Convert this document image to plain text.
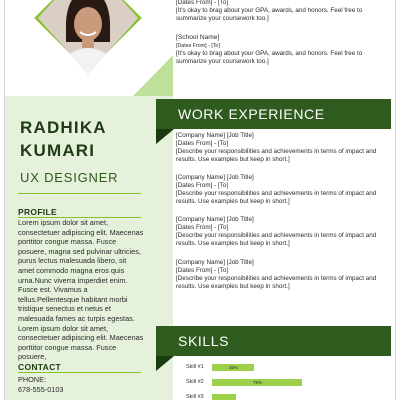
RADHIKA
KUMARI
UX DESIGNER
PROFILE
Lorem ipsum dolor sit amet, consectetuer adipiscing elit. Maecenas porttitor congue massa. Fusce posuere, magna sed pulvinar ultricies, purus lectus malesuada libero, sit amet commodo magna eros quis urna.Nunc viverra imperdiet enim. Fusce est. Vivamus a tellus.Pellentesque habitant morbi tristique senectus et netus et malesuada fames ac turpis egestas. Lorem ipsum dolor sit amet, consectetuer adipiscing elit. Maecenas porttitor congue massa. Fusce posuere,
CONTACT
PHONE:
678-555-0103
[Dates From] - [To]
[It's okay to brag about your GPA, awards, and honors. Feel free to summarize your coursework too.]
[School Name]
[Dates From] - [To]
[It's okay to brag about your GPA, awards, and honors. Feel free to summarize your coursework too.]
WORK EXPERIENCE
[Company Name] [Job Title]
[Dates From] - [To]
[Describe your responsibilities and achievements in terms of impact and results. Use examples but keep in short.]
[Company Name] [Job Title]
[Dates From] - [To]
[Describe your responsibilities and achievements in terms of impact and results. Use examples but keep in short.]
[Company Name] [Job Title]
[Dates From] - [To]
[Describe your responsibilities and achievements in terms of impact and results. Use examples but keep in short.]
[Company Name] [Job Title]
[Dates From] - [To]
[Describe your responsibilities and achievements in terms of impact and results. Use examples but keep in short.]
SKILLS
Skill #1	35%
Skill #2	75%
Skill #3
